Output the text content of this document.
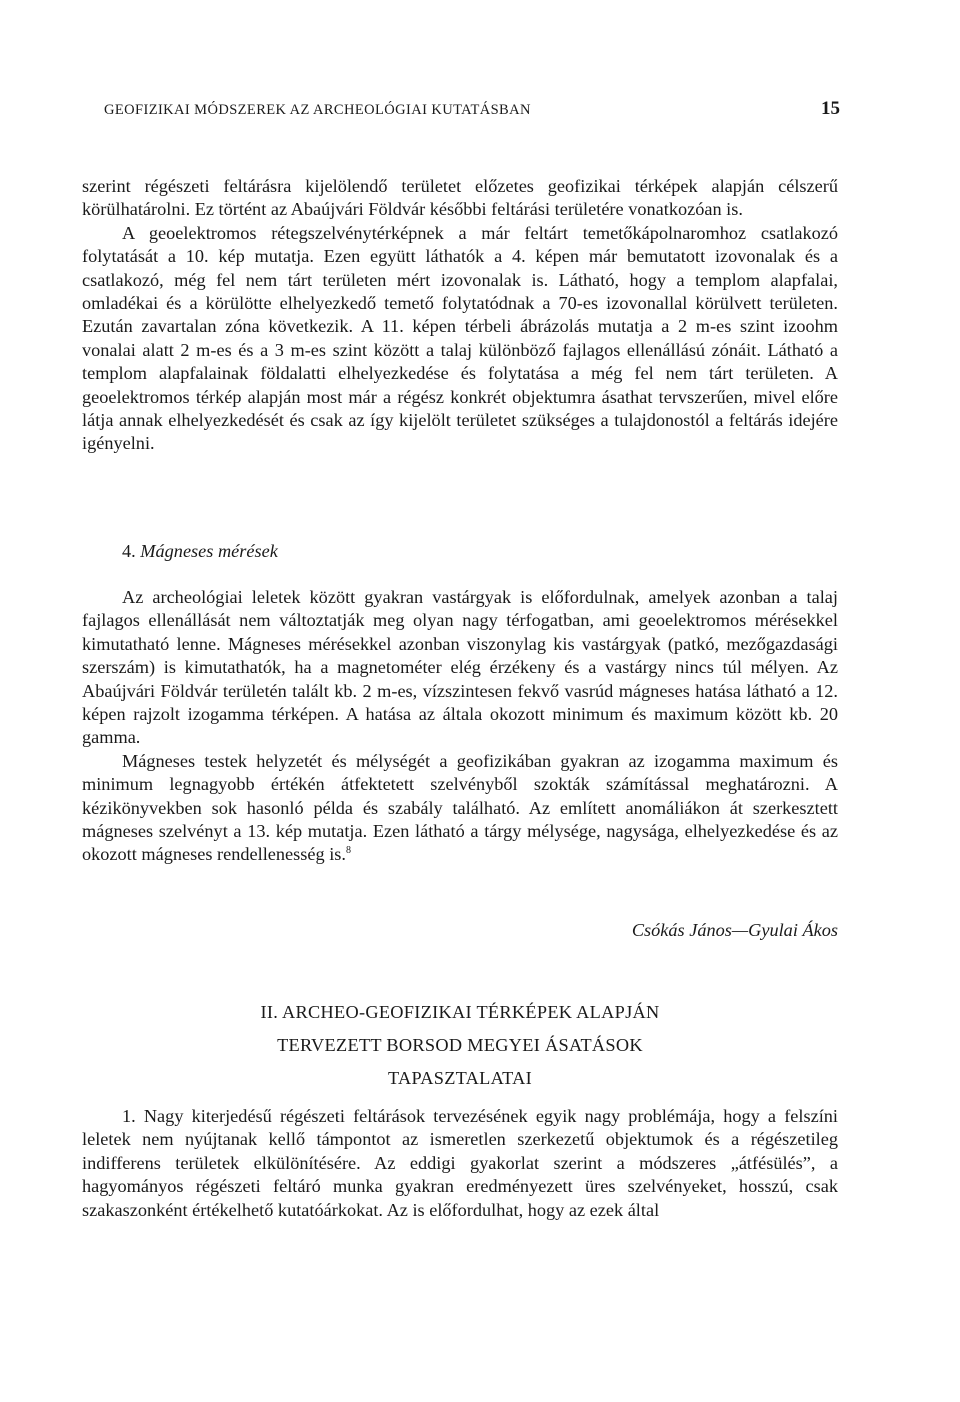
GEOFIZIKAI MÓDSZEREK AZ ARCHEOLÓGIAI KUTATÁSBAN	15

szerint régészeti feltárásra kijelölendő területet előzetes geofizikai térképek alapján célszerű körülhatárolni. Ez történt az Abaújvári Földvár későbbi feltárási területére vonatkozóan is.

A geoelektromos rétegszelvénytérképnek a már feltárt temetőkápolnaromhoz csatlakozó folytatását a 10. kép mutatja. Ezen együtt láthatók a 4. képen már bemutatott izovonalak és a csatlakozó, még fel nem tárt területen mért izovonalak is. Látható, hogy a templom alapfalai, omladékai és a körülötte elhelyezkedő temető folytatódnak a 70-es izovonallal körülvett területen. Ezután zavartalan zóna következik. A 11. képen térbeli ábrázolás mutatja a 2 m-es szint izoohm vonalai alatt 2 m-es és a 3 m-es szint között a talaj különböző fajlagos ellenállású zónáit. Látható a templom alapfalainak földalatti elhelyezkedése és folytatása a még fel nem tárt területen. A geoelektromos térkép alapján most már a régész konkrét objektumra ásathat tervszerűen, mivel előre látja annak elhelyezkedését és csak az így kijelölt területet szükséges a tulajdonostól a feltárás idejére igényelni.

4. Mágneses mérések

Az archeológiai leletek között gyakran vastárgyak is előfordulnak, amelyek azonban a talaj fajlagos ellenállását nem változtatják meg olyan nagy térfogatban, ami geoelektromos mérésekkel kimutatható lenne. Mágneses mérésekkel azonban viszonylag kis vastárgyak (patkó, mezőgazdasági szerszám) is kimutathatók, ha a magnetométer elég érzékeny és a vastárgy nincs túl mélyen. Az Abaújvári Földvár területén talált kb. 2 m-es, vízszintesen fekvő vasrúd mágneses hatása látható a 12. képen rajzolt izogamma térképen. A hatása az általa okozott minimum és maximum között kb. 20 gamma.

Mágneses testek helyzetét és mélységét a geofizikában gyakran az izogamma maximum és minimum legnagyobb értékén átfektetett szelvényből szokták számítással meghatározni. A kézikönyvekben sok hasonló példa és szabály található. Az említett anomáliákon át szerkesztett mágneses szelvényt a 13. kép mutatja. Ezen látható a tárgy mélysége, nagysága, elhelyezkedése és az okozott mágneses rendellenesség is.$^8$

Csókás János—Gyulai Ákos
II. ARCHEO-GEOFIZIKAI TÉRKÉPEK ALAPJÁN
TERVEZETT BORSOD MEGYEI ÁSATÁSOK
TAPASZTALATAI

1. Nagy kiterjedésű régészeti feltárások tervezésének egyik nagy problémája, hogy a felszíni leletek nem nyújtanak kellő támpontot az ismeretlen szerkezetű objektumok és a régészetileg indifferens területek elkülönítésére. Az eddigi gyakorlat szerint a módszeres „átfésülés”, a hagyományos régészeti feltáró munka gyakran eredményezett üres szelvényeket, hosszú, csak szakaszonként értékelhető kutatóárkokat. Az is előfordulhat, hogy az ezek által
